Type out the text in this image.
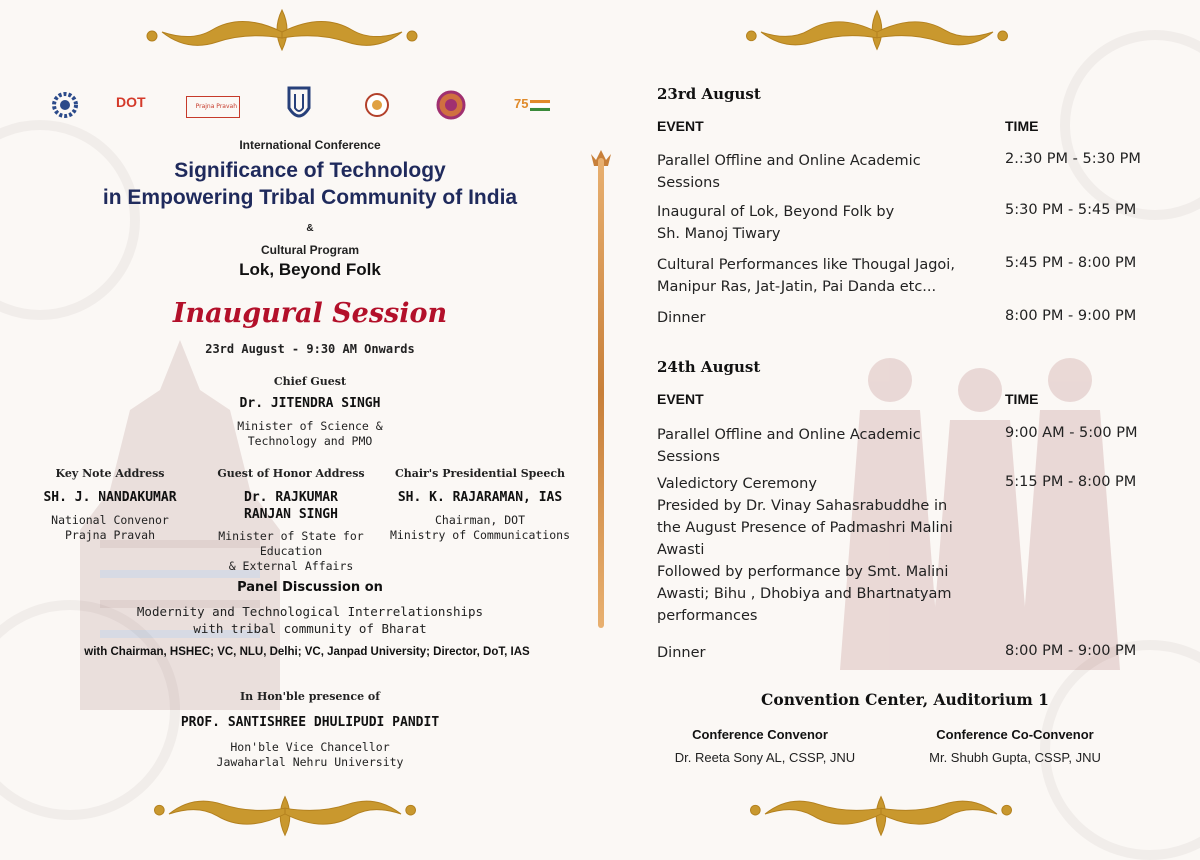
DOT	Prajna Pravah	75
International Conference
Significance of Technology
in Empowering Tribal Community of India
&
Cultural Program
Lok, Beyond Folk
Inaugural Session
23rd August - 9:30 AM Onwards
Chief Guest
Dr. JITENDRA SINGH
Minister of Science &
Technology and PMO
Key Note Address
SH. J. NANDAKUMAR
National Convenor
Prajna Pravah
Guest of Honor Address
Dr. RAJKUMAR
RANJAN SINGH
Minister of State for Education
& External Affairs
Chair's Presidential Speech
SH. K. RAJARAMAN, IAS
Chairman, DOT
Ministry of Communications
Panel Discussion on
Modernity and Technological Interrelationships
with tribal community of Bharat
with Chairman, HSHEC; VC, NLU, Delhi; VC, Janpad University; Director, DoT, IAS
In Hon'ble presence of
PROF. SANTISHREE DHULIPUDI PANDIT
Hon'ble Vice Chancellor
Jawaharlal Nehru University
23rd August
EVENT	TIME
Parallel Offline and Online Academic
Sessions
2.:30 PM - 5:30 PM
Inaugural of Lok, Beyond Folk by
Sh. Manoj Tiwary
5:30 PM - 5:45 PM
Cultural Performances like Thougal Jagoi,
Manipur Ras, Jat-Jatin, Pai Danda etc...
5:45 PM - 8:00 PM
Dinner	8:00 PM - 9:00 PM
24th August
EVENT	TIME
Parallel Offline and Online Academic
Sessions
9:00 AM - 5:00 PM
Valedictory Ceremony
Presided by Dr. Vinay Sahasrabuddhe in
the August Presence of Padmashri Malini
Awasti
Followed by performance by Smt. Malini
Awasti; Bihu , Dhobiya and Bhartnatyam
performances
5:15 PM - 8:00 PM
Dinner	8:00 PM - 9:00 PM
Convention Center, Auditorium 1
Conference Convenor
Dr. Reeta Sony AL, CSSP, JNU
Conference Co-Convenor
Mr. Shubh Gupta, CSSP, JNU
